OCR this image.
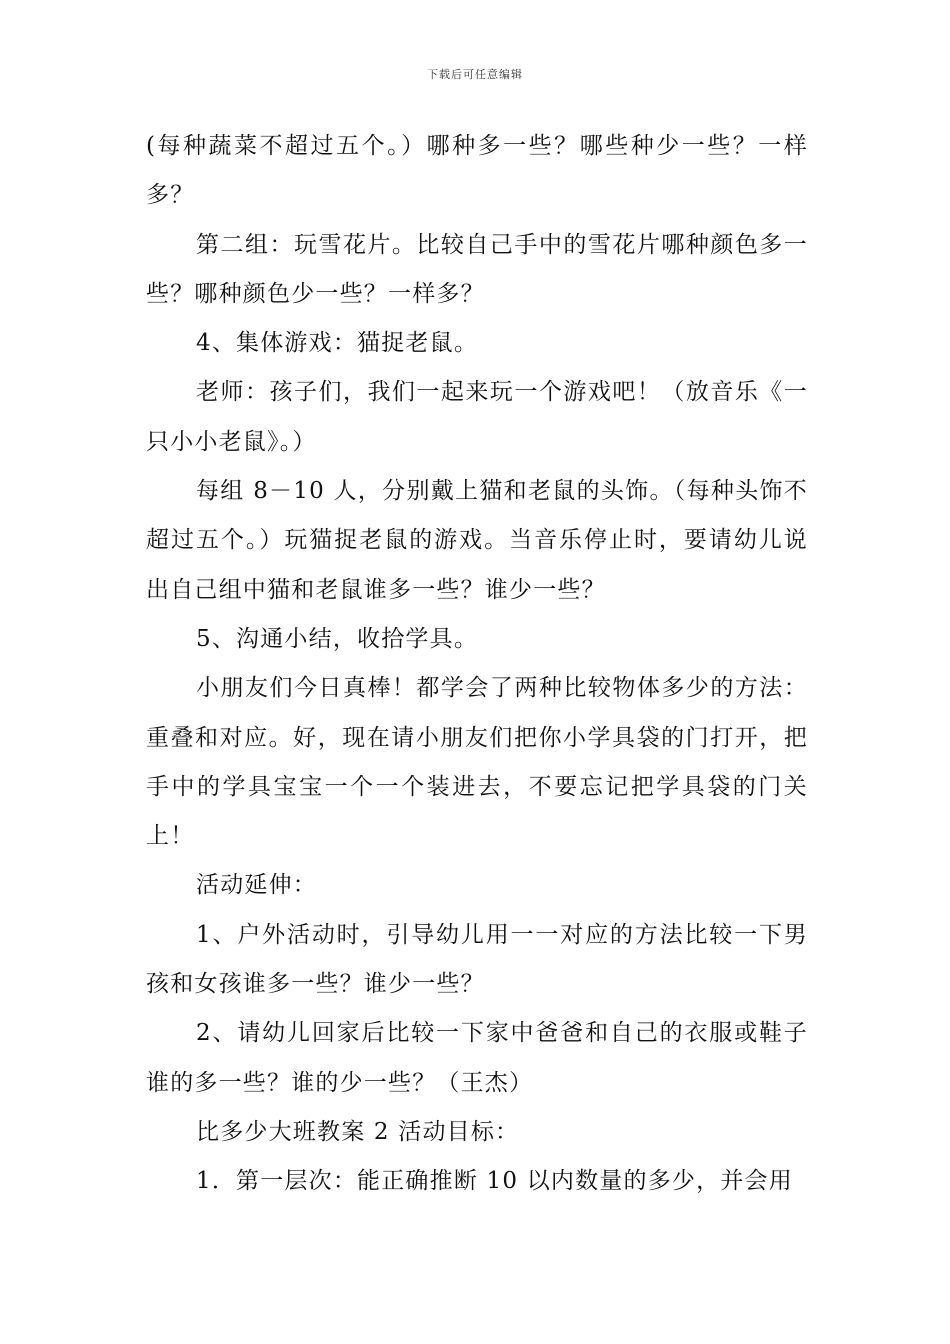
下载后可任意编辑

(每种蔬菜不超过五个。）哪种多一些？哪些种少一些？一样多？

第二组：玩雪花片。比较自己手中的雪花片哪种颜色多一些？哪种颜色少一些？一样多？

4、集体游戏：猫捉老鼠。

老师：孩子们，我们一起来玩一个游戏吧！（放音乐《一只小小老鼠》。）

每组 8－10 人，分别戴上猫和老鼠的头饰。（每种头饰不超过五个。）玩猫捉老鼠的游戏。当音乐停止时，要请幼儿说出自己组中猫和老鼠谁多一些？谁少一些？

5、沟通小结，收拾学具。

小朋友们今日真棒！都学会了两种比较物体多少的方法：重叠和对应。好，现在请小朋友们把你小学具袋的门打开，把手中的学具宝宝一个一个装进去，不要忘记把学具袋的门关上！

活动延伸：

1、户外活动时，引导幼儿用一一对应的方法比较一下男孩和女孩谁多一些？谁少一些？

2、请幼儿回家后比较一下家中爸爸和自己的衣服或鞋子谁的多一些？谁的少一些？（王杰）

比多少大班教案 2 活动目标：

1．第一层次：能正确推断 10 以内数量的多少，并会用
